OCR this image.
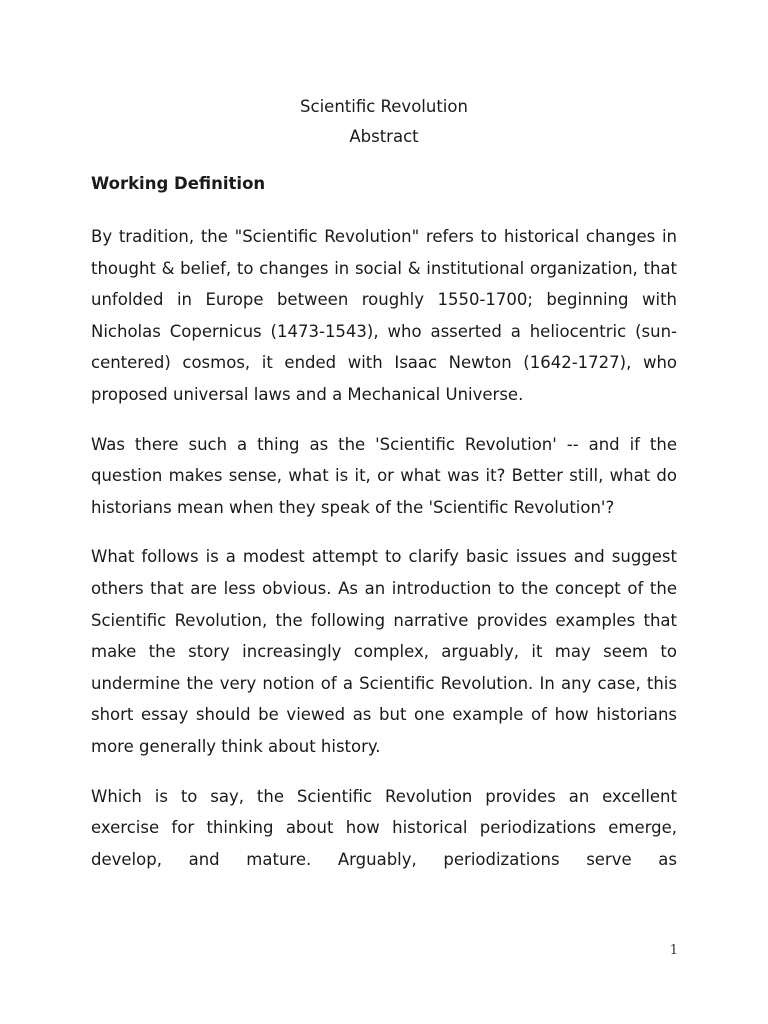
Scientific Revolution
Abstract
Working Definition

By tradition, the "Scientific Revolution" refers to historical changes in thought & belief, to changes in social & institutional organization, that unfolded in Europe between roughly 1550-1700; beginning with Nicholas Copernicus (1473-1543), who asserted a heliocentric (sun-centered) cosmos, it ended with Isaac Newton (1642-1727), who proposed universal laws and a Mechanical Universe.

Was there such a thing as the 'Scientific Revolution' -- and if the question makes sense, what is it, or what was it? Better still, what do historians mean when they speak of the 'Scientific Revolution'?

What follows is a modest attempt to clarify basic issues and suggest others that are less obvious. As an introduction to the concept of the Scientific Revolution, the following narrative provides examples that make the story increasingly complex, arguably, it may seem to undermine the very notion of a Scientific Revolution. In any case, this short essay should be viewed as but one example of how historians more generally think about history.

Which is to say, the Scientific Revolution provides an excellent exercise for thinking about how historical periodizations emerge, develop, and mature. Arguably, periodizations serve as

1
